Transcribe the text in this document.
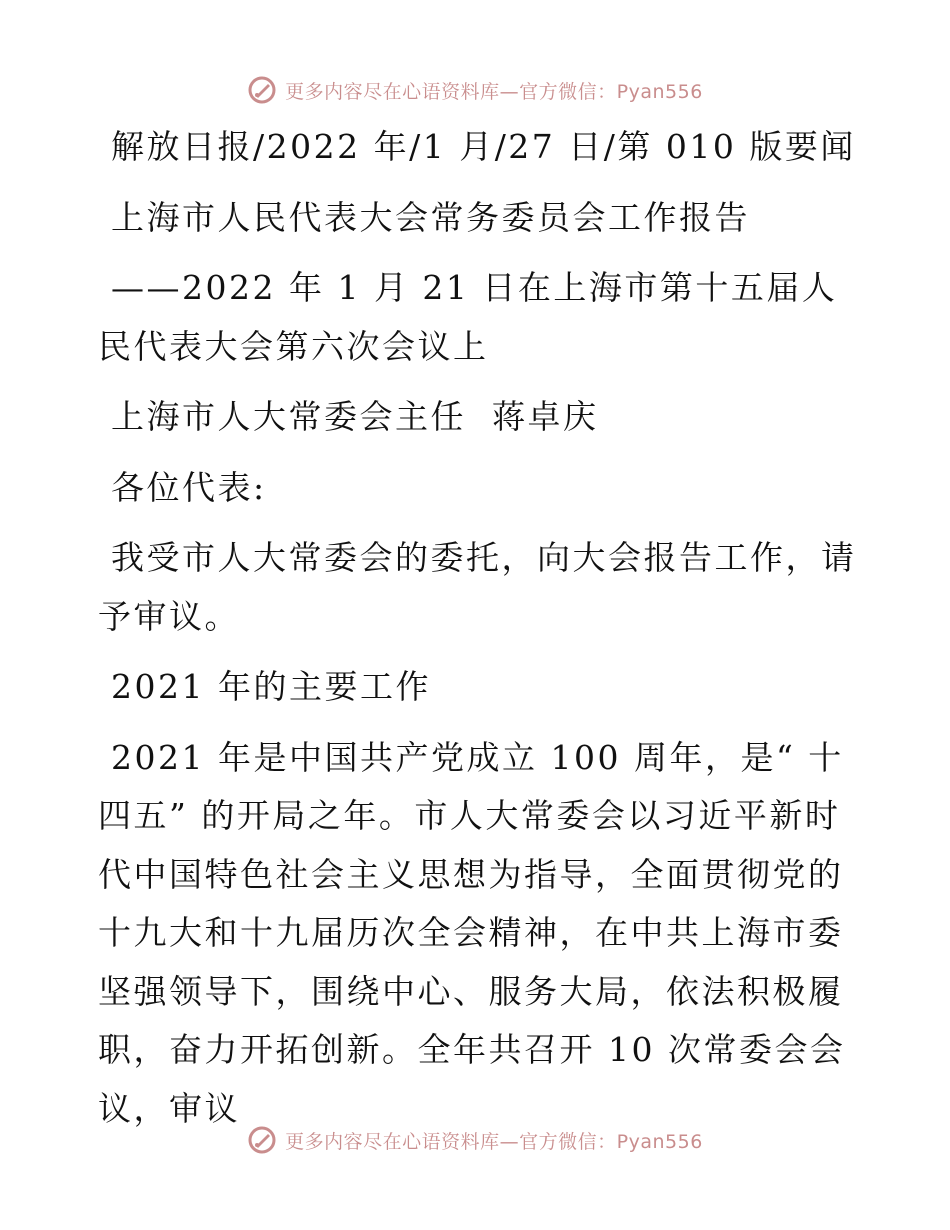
更多内容尽在心语资料库—官方微信：Pyan556

解放日报/2022 年/1 月/27 日/第 010 版要闻

上海市人民代表大会常务委员会工作报告

——2022 年 1 月 21 日在上海市第十五届人民代表大会第六次会议上

上海市人大常委会主任  蒋卓庆

各位代表:

我受市人大常委会的委托，向大会报告工作，请予审议。

2021 年的主要工作

2021 年是中国共产党成立 100 周年，是“ 十四五” 的开局之年。市人大常委会以习近平新时代中国特色社会主义思想为指导，全面贯彻党的十九大和十九届历次全会精神，在中共上海市委坚强领导下，围绕中心、服务大局，依法积极履职，奋力开拓创新。全年共召开 10 次常委会会议，审议

更多内容尽在心语资料库—官方微信：Pyan556
